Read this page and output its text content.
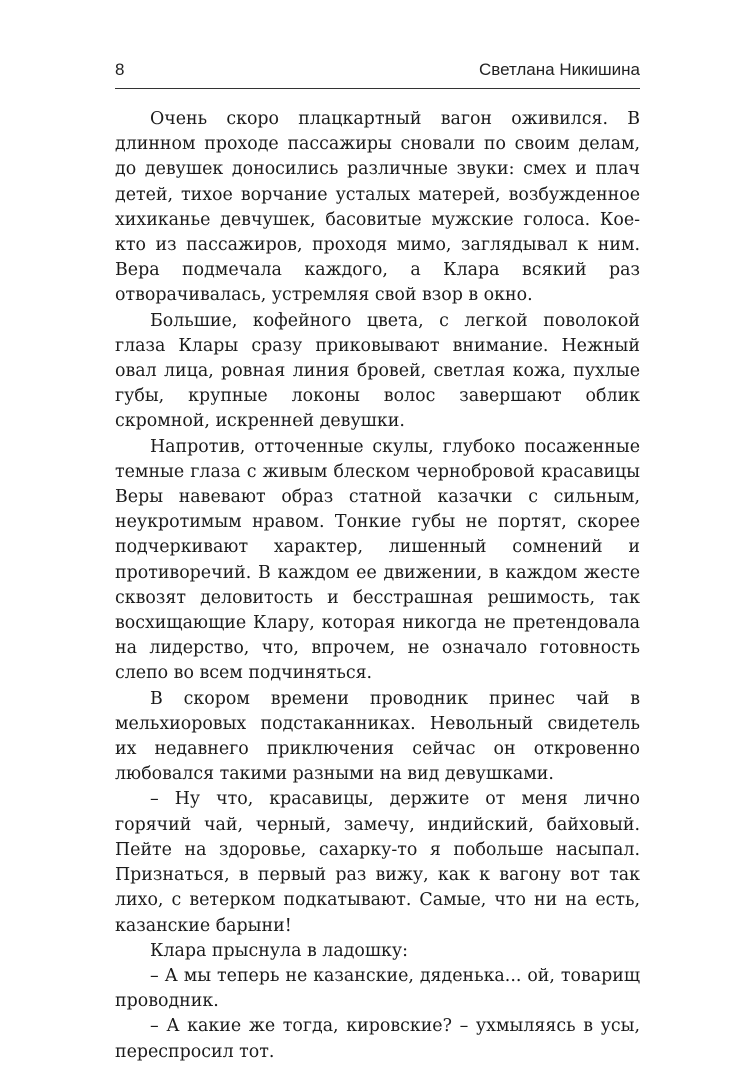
8	Светлана Никишина

Очень скоро плацкартный вагон оживился. В длинном проходе пассажиры сновали по своим делам, до девушек доносились различные звуки: смех и плач детей, тихое ворчание усталых матерей, возбужденное хихиканье девчушек, басовитые мужские голоса. Кое-кто из пассажиров, проходя мимо, заглядывал к ним. Вера подмечала каждого, а Клара всякий раз отворачивалась, устремляя свой взор в окно.

Большие, кофейного цвета, с легкой поволокой глаза Клары сразу приковывают внимание. Нежный овал лица, ровная линия бровей, светлая кожа, пухлые губы, крупные локоны волос завершают облик скромной, искренней девушки.

Напротив, отточенные скулы, глубоко посаженные темные глаза с живым блеском чернобровой красавицы Веры навевают образ статной казачки с сильным, неукротимым нравом. Тонкие губы не портят, скорее подчеркивают характер, лишенный сомнений и противоречий. В каждом ее движении, в каждом жесте сквозят деловитость и бесстрашная решимость, так восхищающие Клару, которая никогда не претендовала на лидерство, что, впрочем, не означало готовность слепо во всем подчиняться.

В скором времени проводник принес чай в мельхиоровых подстаканниках. Невольный свидетель их недавнего приключения сейчас он откровенно любовался такими разными на вид девушками.

– Ну что, красавицы, держите от меня лично горячий чай, черный, замечу, индийский, байховый. Пейте на здоровье, сахарку-то я побольше насыпал. Признаться, в первый раз вижу, как к вагону вот так лихо, с ветерком подкатывают. Самые, что ни на есть, казанские барыни!

Клара прыснула в ладошку:

– А мы теперь не казанские, дяденька... ой, товарищ проводник.

– А какие же тогда, кировские? – ухмыляясь в усы, переспросил тот.
